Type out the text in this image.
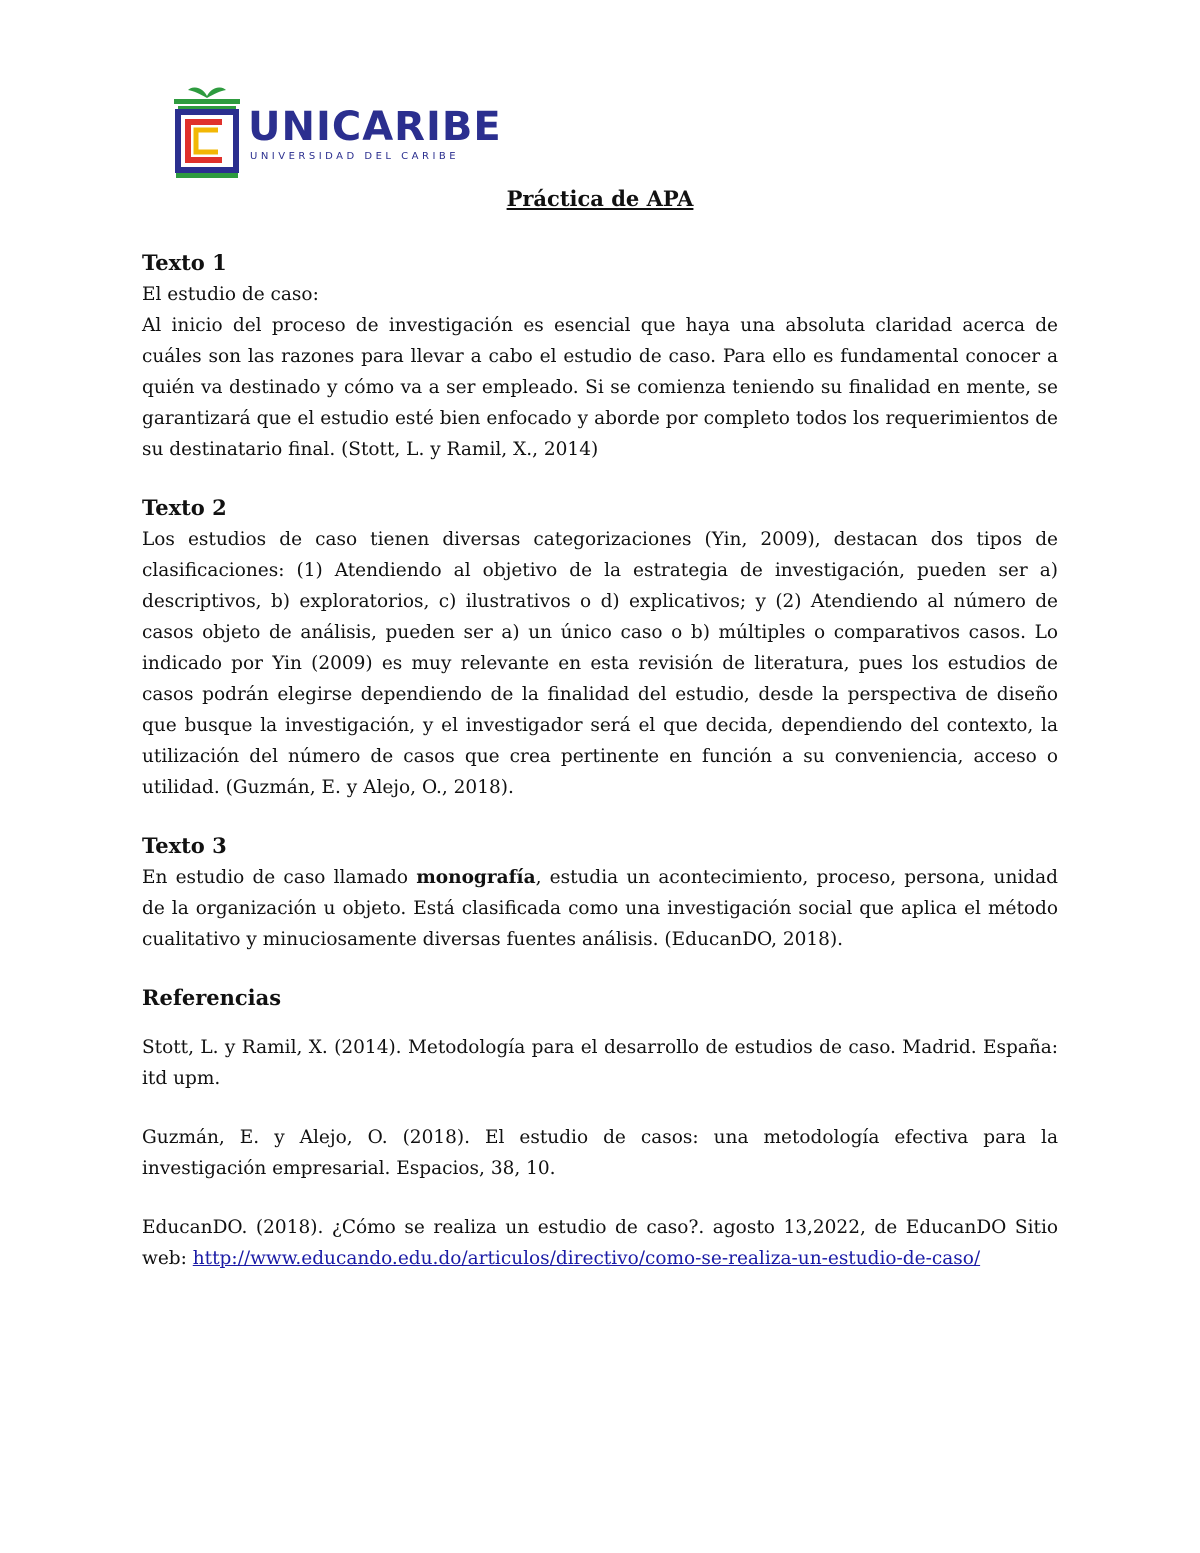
UNICARIBE
UNIVERSIDAD DEL CARIBE
Práctica de APA
Texto 1

El estudio de caso:

Al inicio del proceso de investigación es esencial que haya una absoluta claridad acerca de cuáles son las razones para llevar a cabo el estudio de caso. Para ello es fundamental conocer a quién va destinado y cómo va a ser empleado. Si se comienza teniendo su finalidad en mente, se garantizará que el estudio esté bien enfocado y aborde por completo todos los requerimientos de su destinatario final. (Stott, L. y Ramil, X., 2014)

Texto 2

Los estudios de caso tienen diversas categorizaciones (Yin, 2009), destacan dos tipos de clasificaciones: (1) Atendiendo al objetivo de la estrategia de investigación, pueden ser a) descriptivos, b) exploratorios, c) ilustrativos o d) explicativos; y (2) Atendiendo al número de casos objeto de análisis, pueden ser a) un único caso o b) múltiples o comparativos casos. Lo indicado por Yin (2009) es muy relevante en esta revisión de literatura, pues los estudios de casos podrán elegirse dependiendo de la finalidad del estudio, desde la perspectiva de diseño que busque la investigación, y el investigador será el que decida, dependiendo del contexto, la utilización del número de casos que crea pertinente en función a su conveniencia, acceso o utilidad. (Guzmán, E. y Alejo, O., 2018).

Texto 3

En estudio de caso llamado monografía, estudia un acontecimiento, proceso, persona, unidad de la organización u objeto. Está clasificada como una investigación social que aplica el método cualitativo y minuciosamente diversas fuentes análisis. (EducanDO, 2018).

Referencias

Stott, L. y Ramil, X. (2014). Metodología para el desarrollo de estudios de caso. Madrid. España: itd upm.

Guzmán, E. y Alejo, O. (2018). El estudio de casos: una metodología efectiva para la investigación empresarial. Espacios, 38, 10.

EducanDO. (2018). ¿Cómo se realiza un estudio de caso?. agosto 13,2022, de EducanDO Sitio web: http://www.educando.edu.do/articulos/directivo/como-se-realiza-un-estudio-de-caso/
